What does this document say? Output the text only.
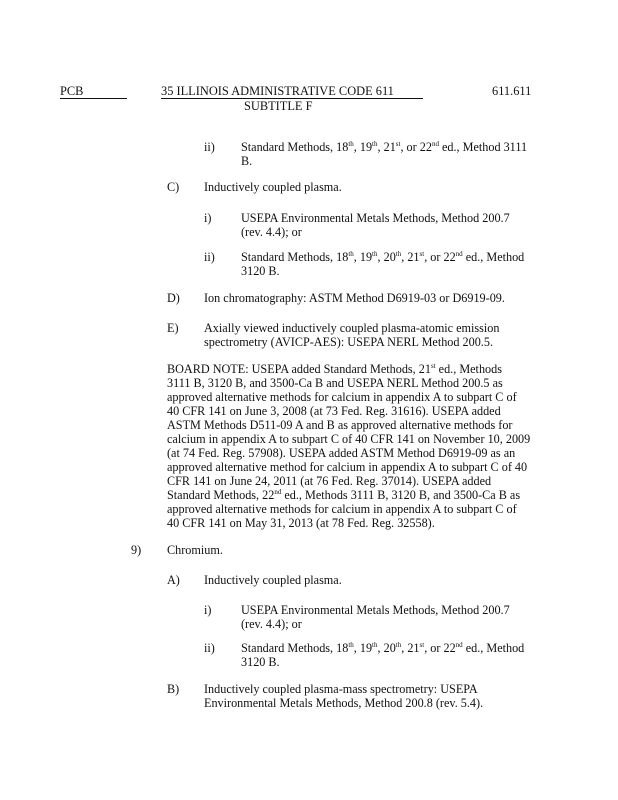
PCB	35 ILLINOIS ADMINISTRATIVE CODE 611
SUBTITLE F
611.611
ii) Standard Methods, 18th, 19th, 21st, or 22nd ed., Method 3111
B.
C) Inductively coupled plasma.
i) USEPA Environmental Metals Methods, Method 200.7
(rev. 4.4); or
ii) Standard Methods, 18th, 19th, 20th, 21st, or 22nd ed., Method
3120 B.
D) Ion chromatography: ASTM Method D6919-03 or D6919-09.
E) Axially viewed inductively coupled plasma-atomic emission
spectrometry (AVICP-AES): USEPA NERL Method 200.5.
BOARD NOTE: USEPA added Standard Methods, 21st ed., Methods
3111 B, 3120 B, and 3500-Ca B and USEPA NERL Method 200.5 as
approved alternative methods for calcium in appendix A to subpart C of
40 CFR 141 on June 3, 2008 (at 73 Fed. Reg. 31616). USEPA added
ASTM Methods D511-09 A and B as approved alternative methods for
calcium in appendix A to subpart C of 40 CFR 141 on November 10, 2009
(at 74 Fed. Reg. 57908). USEPA added ASTM Method D6919-09 as an
approved alternative method for calcium in appendix A to subpart C of 40
CFR 141 on June 24, 2011 (at 76 Fed. Reg. 37014). USEPA added
Standard Methods, 22nd ed., Methods 3111 B, 3120 B, and 3500-Ca B as
approved alternative methods for calcium in appendix A to subpart C of
40 CFR 141 on May 31, 2013 (at 78 Fed. Reg. 32558).
9) Chromium.
A) Inductively coupled plasma.
i) USEPA Environmental Metals Methods, Method 200.7
(rev. 4.4); or
ii) Standard Methods, 18th, 19th, 20th, 21st, or 22nd ed., Method
3120 B.
B) Inductively coupled plasma-mass spectrometry: USEPA
Environmental Metals Methods, Method 200.8 (rev. 5.4).
